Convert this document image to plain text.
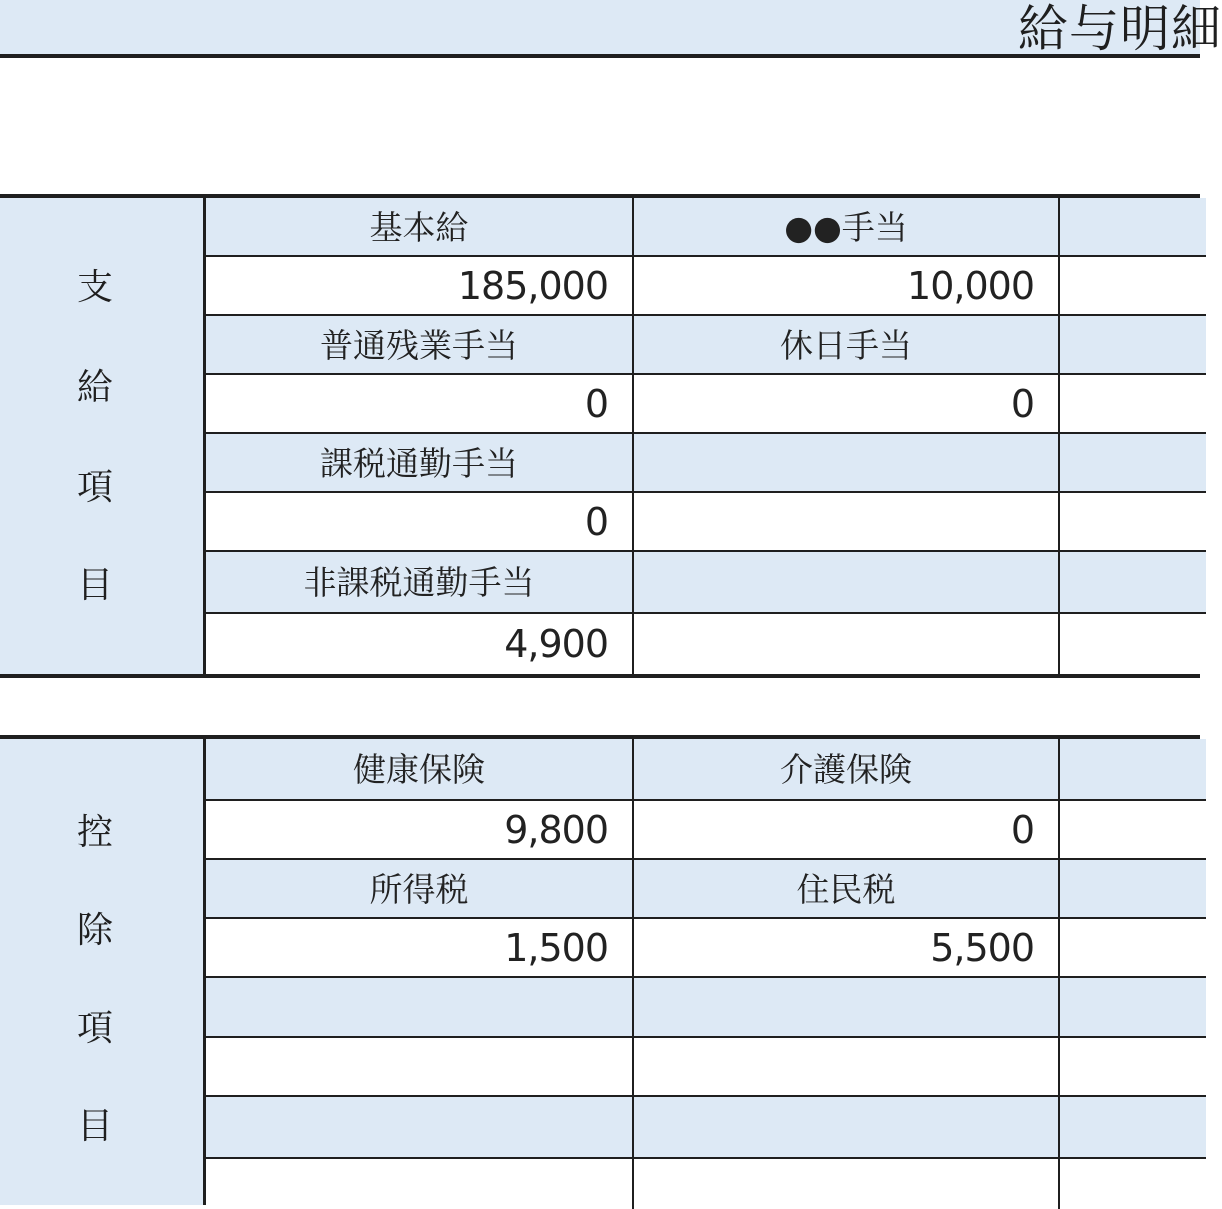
給与明細
支
給
項
目
基本給	●●手当
185,000	10,000
普通残業手当	休日手当
0	0
課税通勤手当
0
非課税通勤手当
4,900
控
除
項
目
健康保険	介護保険
9,800	0
所得税	住民税
1,500	5,500
